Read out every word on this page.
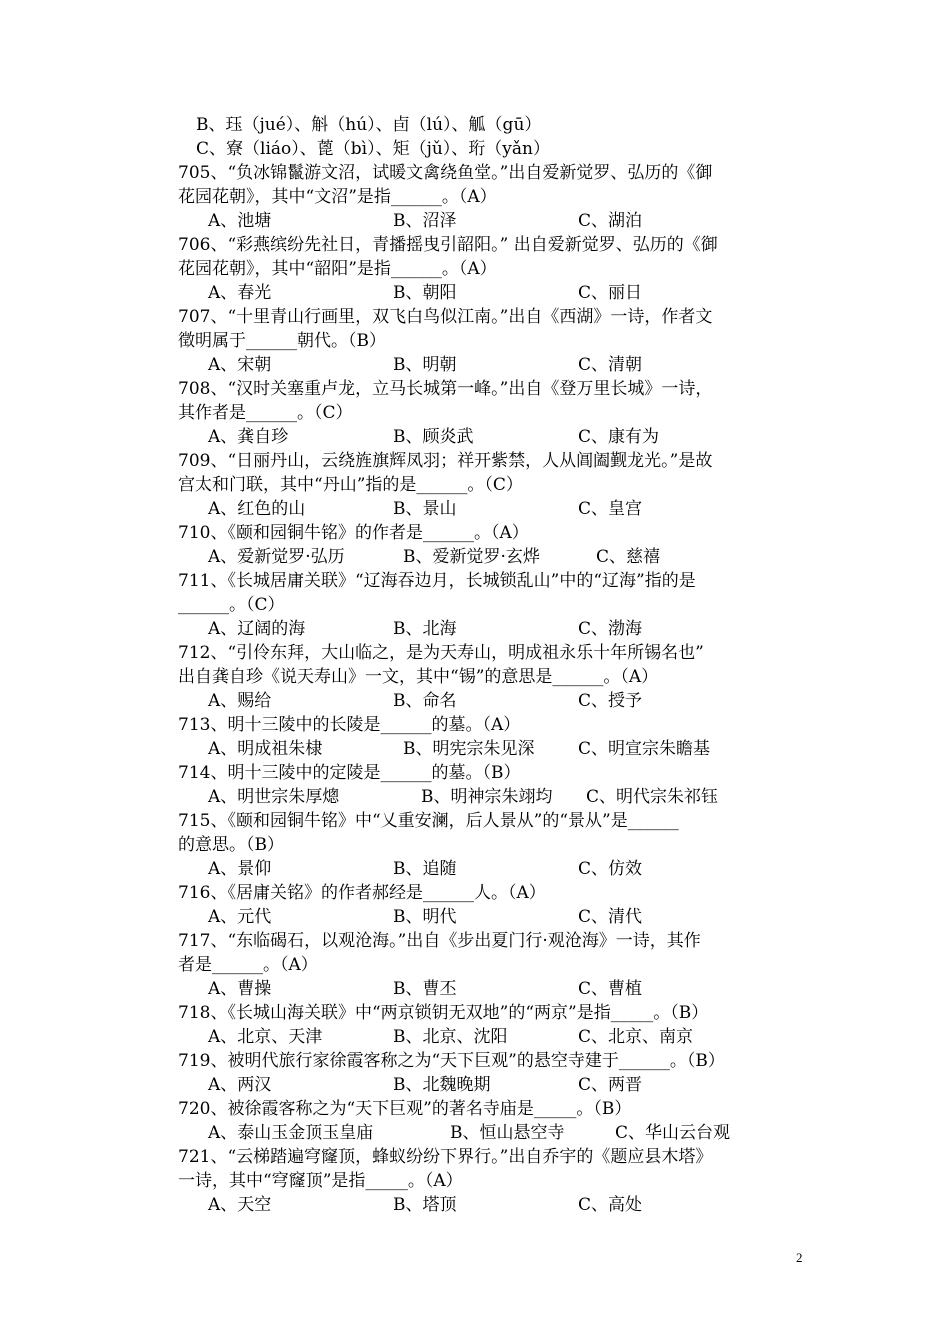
B、珏（jué）、斛（hú）、卣（lú）、觚（gū）
C、寮（liáo）、蓖（bì）、矩（jǔ）、珩（yǎn）
705、“负冰锦鬣游文沼，试暖文禽绕鱼堂。”出自爱新觉罗、弘历的《御
花园花朝》，其中“文沼”是指______。（A）
A、池塘	B、沼泽	C、湖泊
706、“彩燕缤纷先社日，青播摇曳引韶阳。” 出自爱新觉罗、弘历的《御
花园花朝》，其中“韶阳”是指______。（A）
A、春光	B、朝阳	C、丽日
707、“十里青山行画里，双飞白鸟似江南。”出自《西湖》一诗，作者文
徵明属于______朝代。（B）
A、宋朝	B、明朝	C、清朝
708、“汉时关塞重卢龙，立马长城第一峰。”出自《登万里长城》一诗，
其作者是______。（C）
A、龚自珍	B、顾炎武	C、康有为
709、“日丽丹山，云绕旌旗辉凤羽；祥开紫禁，人从阊阖觐龙光。”是故
宫太和门联，其中“丹山”指的是______。（C）
A、红色的山	B、景山	C、皇宫
710、《颐和园铜牛铭》的作者是______。（A）
A、爱新觉罗·弘历	B、爱新觉罗·玄烨	C、慈禧
711、《长城居庸关联》“辽海吞边月，长城锁乱山”中的“辽海”指的是
______。（C）
A、辽阔的海	B、北海	C、渤海
712、“引伶东拜，大山临之，是为天寿山，明成祖永乐十年所锡名也”
出自龚自珍《说天寿山》一文，其中“锡”的意思是______。（A）
A、赐给	B、命名	C、授予
713、明十三陵中的长陵是______的墓。（A）
A、明成祖朱棣	B、明宪宗朱见深	C、明宣宗朱瞻基
714、明十三陵中的定陵是______的墓。（B）
A、明世宗朱厚熜	B、明神宗朱翊均 C、明代宗朱祁钰
715、《颐和园铜牛铭》中“乂重安澜，后人景从”的“景从”是______
的意思。（B）
A、景仰	B、追随	C、仿效
716、《居庸关铭》的作者郝经是______人。（A）
A、元代	B、明代	C、清代
717、“东临碣石，以观沧海。”出自《步出夏门行·观沧海》一诗，其作
者是______。（A）
A、曹操	B、曹丕	C、曹植
718、《长城山海关联》中“两京锁钥无双地”的“两京”是指_____。（B）
A、北京、天津	B、北京、沈阳	C、北京、南京
719、被明代旅行家徐霞客称之为“天下巨观”的悬空寺建于______。（B）
A、两汉	B、北魏晚期	C、两晋
720、被徐霞客称之为“天下巨观”的著名寺庙是_____。（B）
A、泰山玉金顶玉皇庙	B、恒山悬空寺	C、华山云台观
721、“云梯踏遍穹窿顶，蜂蚁纷纷下界行。”出自乔宇的《题应县木塔》
一诗，其中“穹窿顶”是指_____。（A）
A、天空	B、塔顶	C、高处
2
